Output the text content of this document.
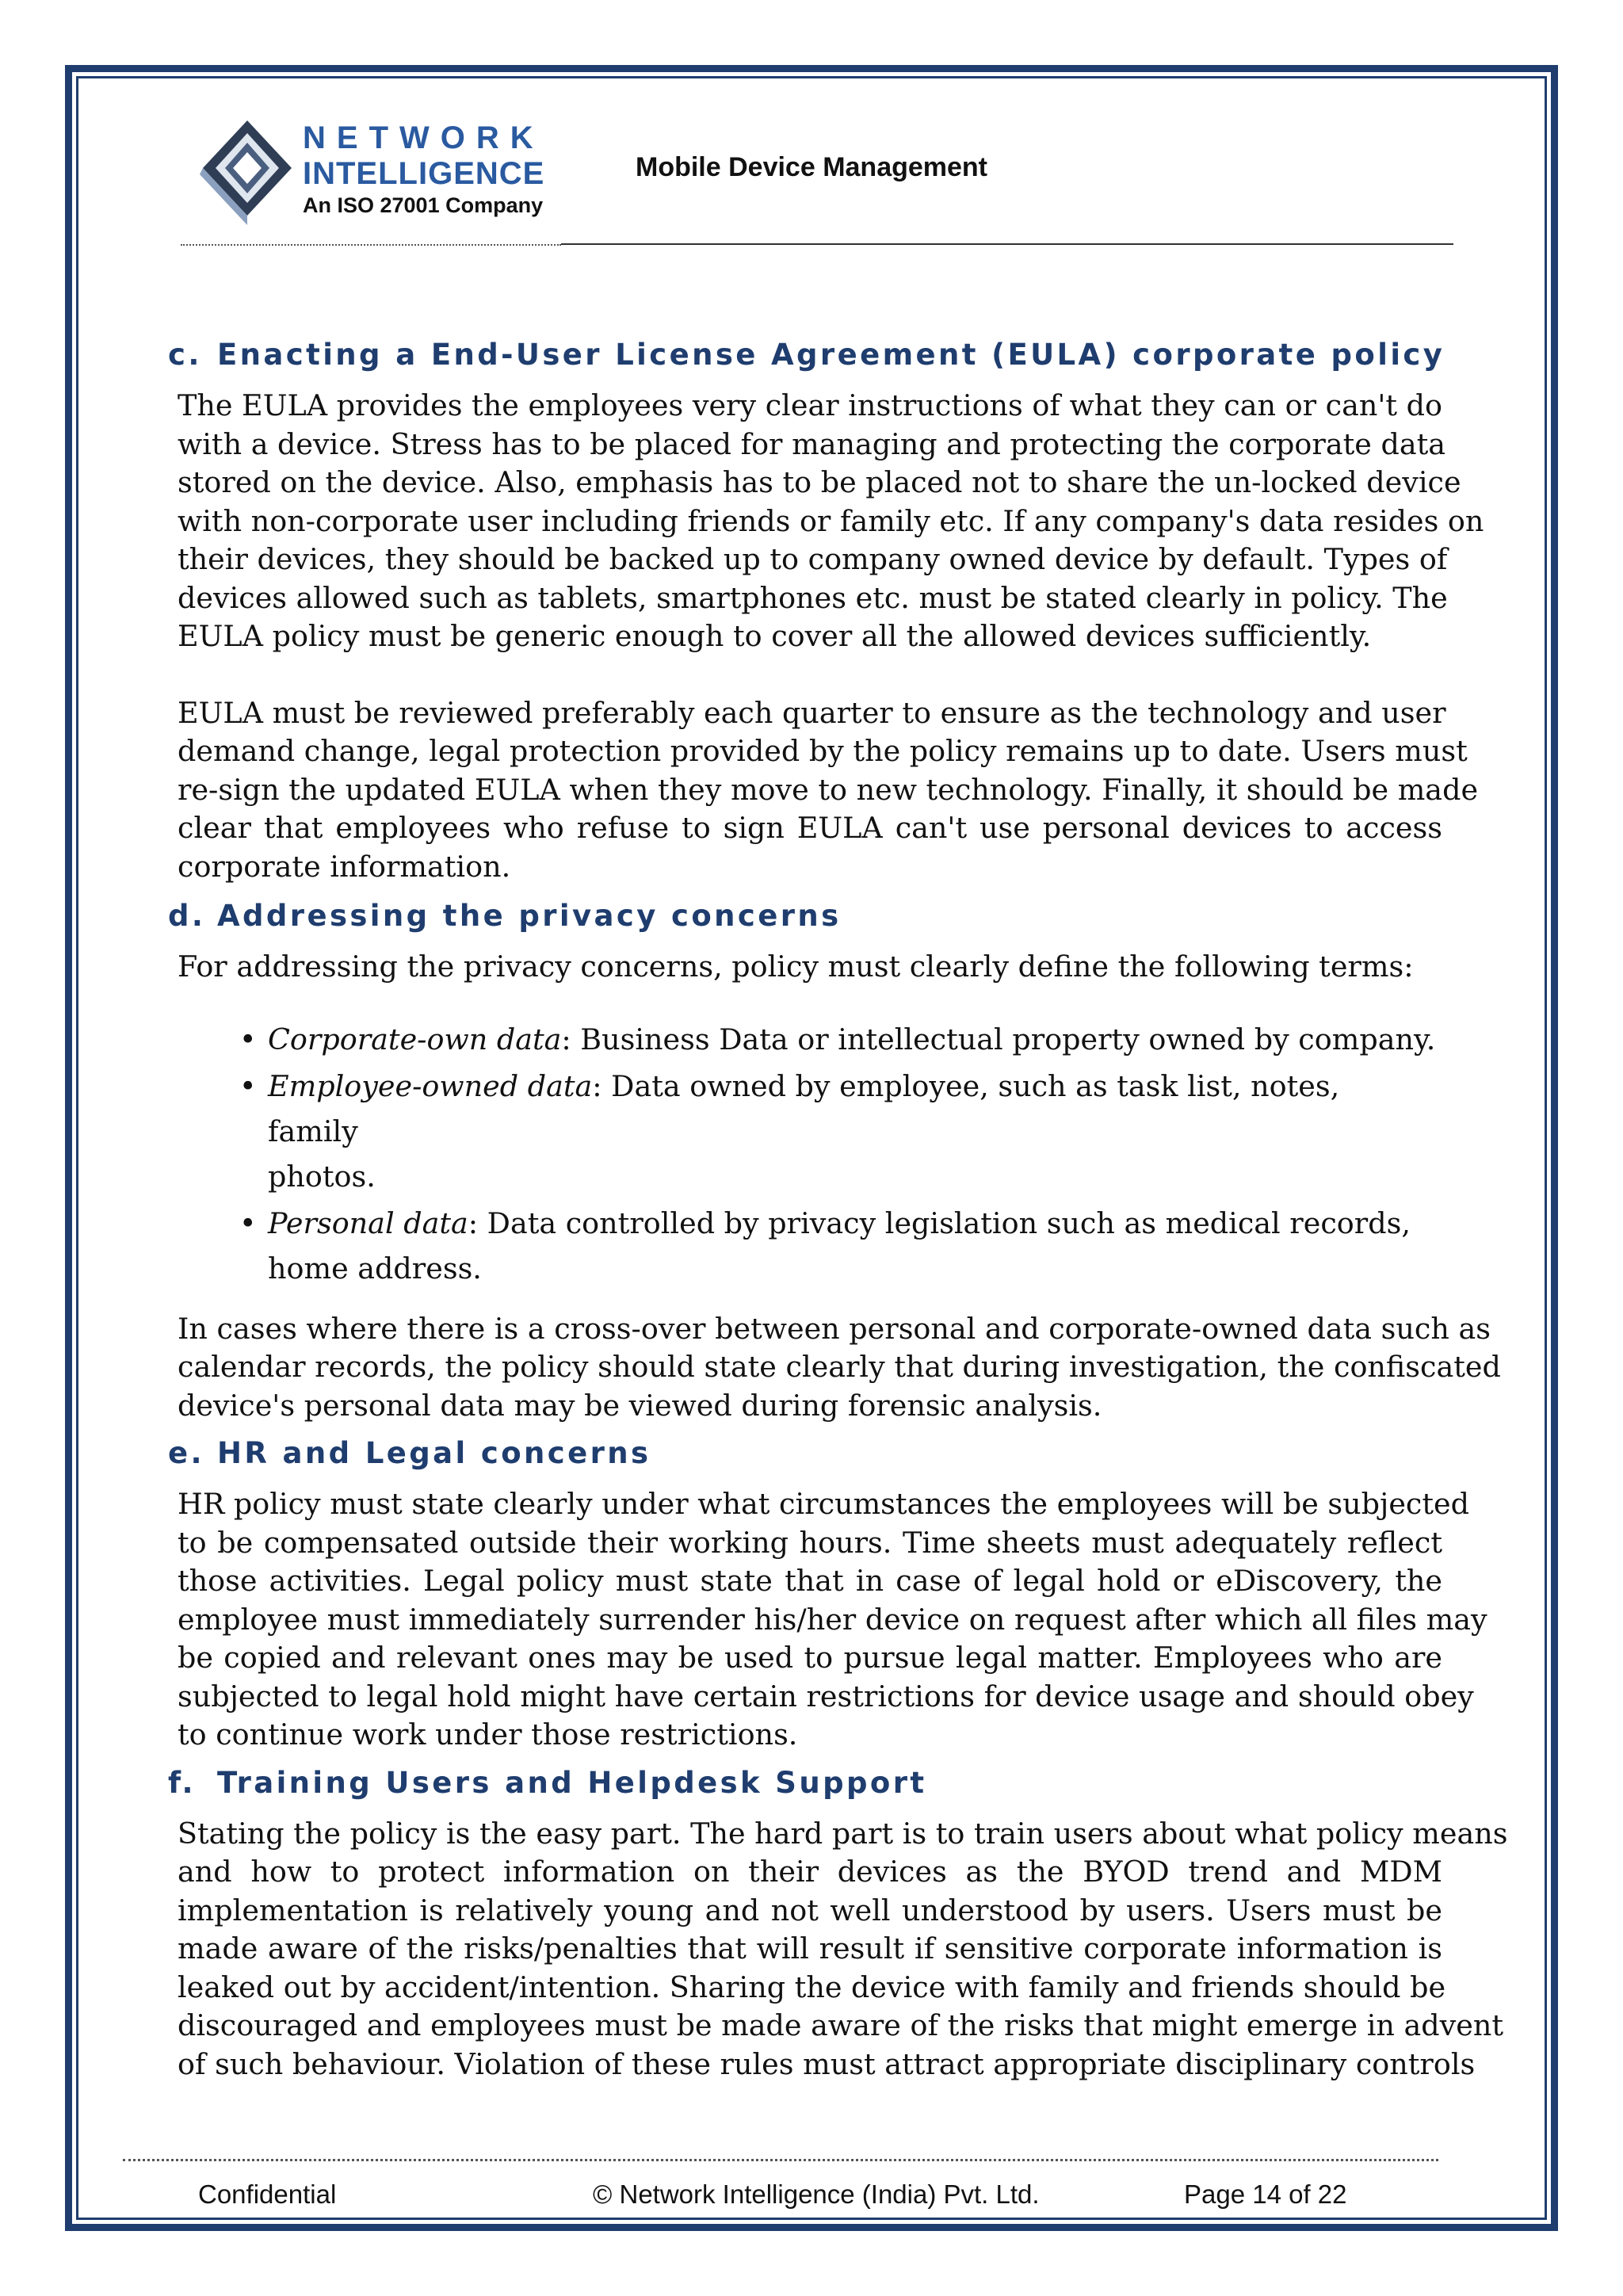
NETWORK
INTELLIGENCE
An ISO 27001 Company
Mobile Device Management
c. Enacting a End-User License Agreement (EULA) corporate policy
The EULA provides the employees very clear instructions of what they can or can't do
with a device. Stress has to be placed for managing and protecting the corporate data
stored on the device. Also, emphasis has to be placed not to share the un-locked device
with non-corporate user including friends or family etc. If any company's data resides on
their devices, they should be backed up to company owned device by default. Types of
devices allowed such as tablets, smartphones etc. must be stated clearly in policy. The
EULA policy must be generic enough to cover all the allowed devices sufficiently.
EULA must be reviewed preferably each quarter to ensure as the technology and user
demand change, legal protection provided by the policy remains up to date. Users must
re-sign the updated EULA when they move to new technology. Finally, it should be made
clear that employees who refuse to sign EULA can't use personal devices to access
corporate information.
d. Addressing the privacy concerns
For addressing the privacy concerns, policy must clearly define the following terms:
• Corporate-own data: Business Data or intellectual property owned by company.
• Employee-owned data: Data owned by employee, such as task list, notes, family
photos.
• Personal data: Data controlled by privacy legislation such as medical records,
home address.
In cases where there is a cross-over between personal and corporate-owned data such as
calendar records, the policy should state clearly that during investigation, the confiscated
device's personal data may be viewed during forensic analysis.
e. HR and Legal concerns
HR policy must state clearly under what circumstances the employees will be subjected
to be compensated outside their working hours. Time sheets must adequately reflect
those activities. Legal policy must state that in case of legal hold or eDiscovery, the
employee must immediately surrender his/her device on request after which all files may
be copied and relevant ones may be used to pursue legal matter. Employees who are
subjected to legal hold might have certain restrictions for device usage and should obey
to continue work under those restrictions.
f. Training Users and Helpdesk Support
Stating the policy is the easy part. The hard part is to train users about what policy means
and how to protect information on their devices as the BYOD trend and MDM
implementation is relatively young and not well understood by users. Users must be
made aware of the risks/penalties that will result if sensitive corporate information is
leaked out by accident/intention. Sharing the device with family and friends should be
discouraged and employees must be made aware of the risks that might emerge in advent
of such behaviour. Violation of these rules must attract appropriate disciplinary controls
Confidential	© Network Intelligence (India) Pvt. Ltd.	Page 14 of 22
